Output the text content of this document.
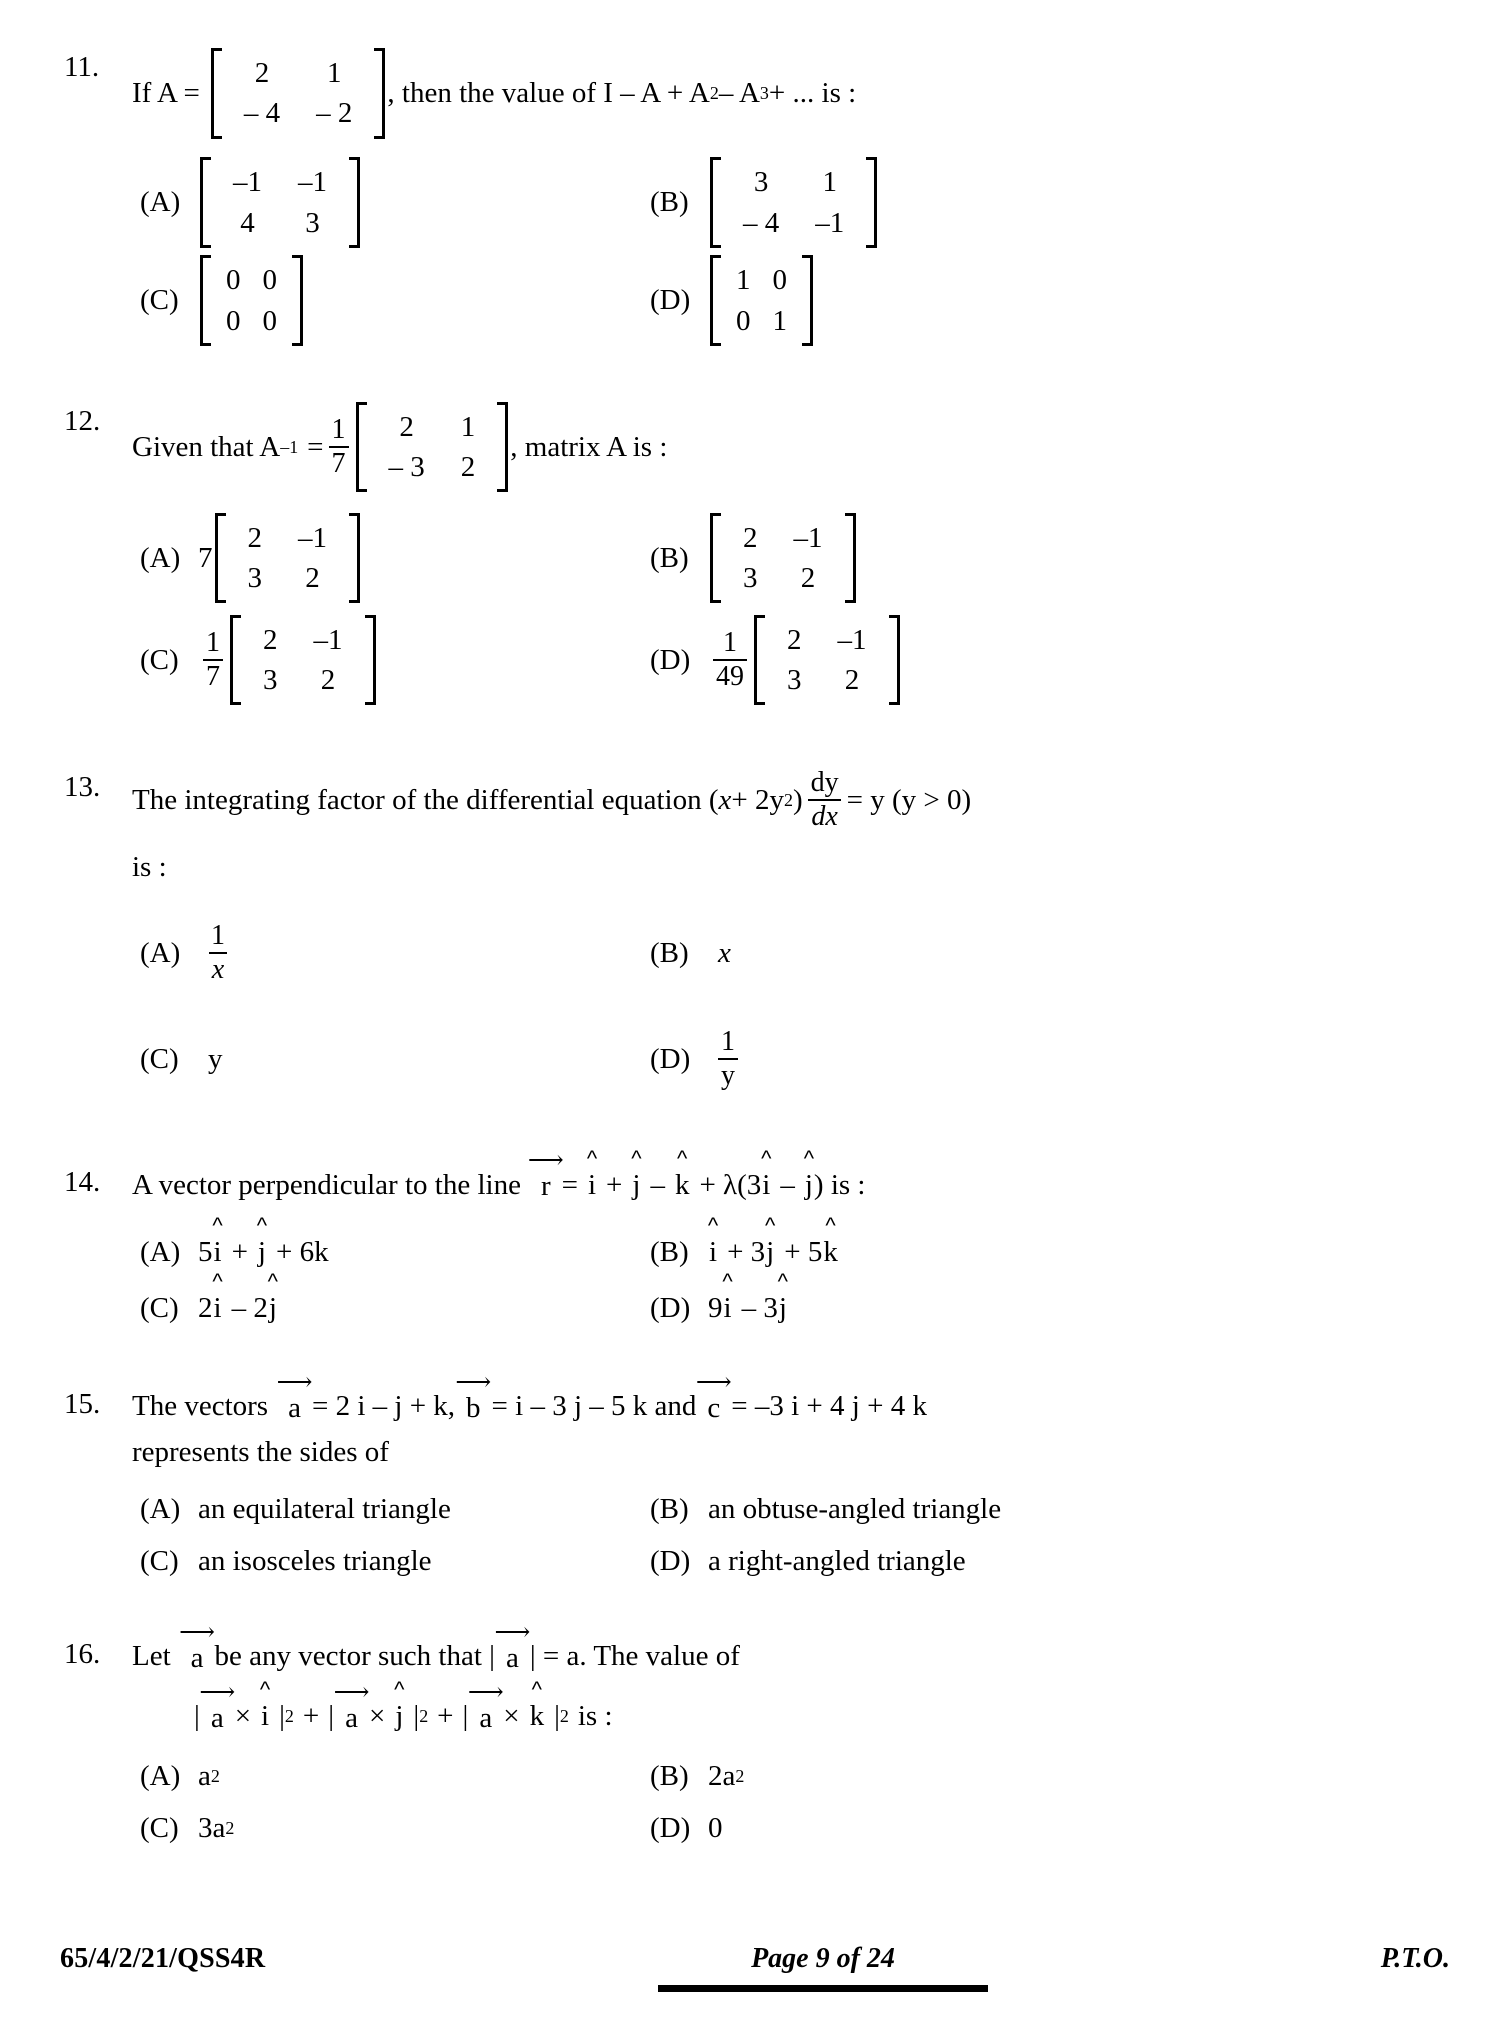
11.
If A =
2	1
– 4	– 2
, then the value of I – A + A 2 – A 3 + ... is :
(A)
–1	–1
4	3
(B)
3	1
– 4	–1
(C)
0 0
0 0
(D)
1 0
0 1
12.
Given that A $-1 = \frac{1}{7}$	2	1
– 3	2
, matrix A is :
(A) 7
2	–1
3	2
(B)
2	–1
3	2
$(C) \frac{1}{7}$	2	–1
3	2
$(D) \frac{1}{49}$	2	–1
3	2
13.	The integrating factor of the differential equation ( x + 2y 2 ) $\frac{dy}{dx} = y$ (y > 0)
is :
$(A) \frac{1}{x}$	(B)	x
(C)	y	$(D) \frac{1}{y}$
14.	A vector perpendicular to the line
⟶
r =
^
i +
^
j –
^
k + λ(3
^
i –
^
j ) is :
(A) 5
^
i +
^
j + 6k	(B)
^
i + 3
^
j + 5
^
k
(C) 2
^
i – 2
^
j	(D) 9
^
i – 3
^
j
15.	The vectors
⟶
a = 2 i – j + k,
⟶
b = i – 3 j – 5 k and
⟶
c = –3 i + 4 j + 4 k
represents the sides of
(A) an equilateral triangle	(B) an obtuse-angled triangle
(C) an isosceles triangle	(D) a right-angled triangle
16.	Let
⟶
a be any vector such that |
⟶
a | = a. The value of
|
⟶
a ×
^
i | 2 + |
⟶
a ×
^
j | 2 + |
⟶
a ×
^
k | 2 is :
(A) a 2	(B) 2a 2
(C) 3a 2	(D) 0
65/4/2/21/QSS4R	Page 9 of 24	P.T.O.
